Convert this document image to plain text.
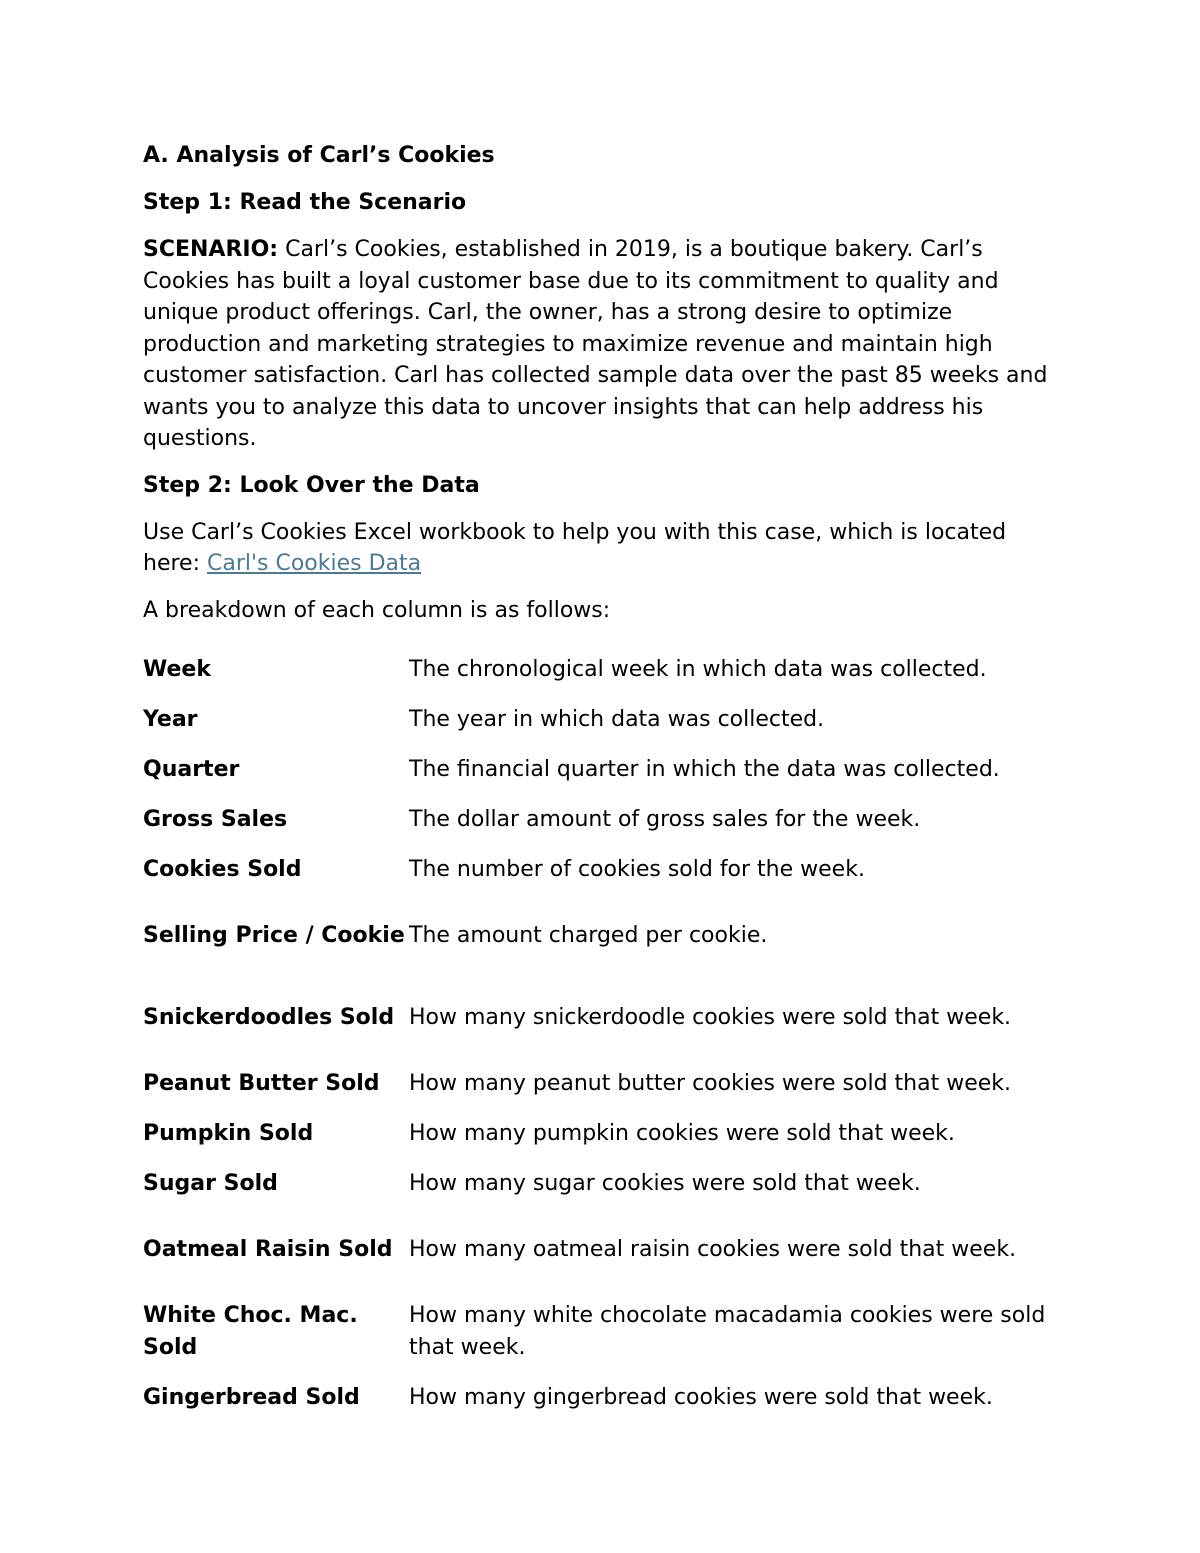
A. Analysis of Carl’s Cookies
Step 1: Read the Scenario
SCENARIO: Carl’s Cookies, established in 2019, is a boutique bakery. Carl’s Cookies has built a loyal customer base due to its commitment to quality and unique product offerings. Carl, the owner, has a strong desire to optimize production and marketing strategies to maximize revenue and maintain high customer satisfaction. Carl has collected sample data over the past 85 weeks and wants you to analyze this data to uncover insights that can help address his questions.
Step 2: Look Over the Data
Use Carl’s Cookies Excel workbook to help you with this case, which is located here: Carl's Cookies Data
A breakdown of each column is as follows:
Week	The chronological week in which data was collected.
Year	The year in which data was collected.
Quarter	The financial quarter in which the data was collected.
Gross Sales	The dollar amount of gross sales for the week.
Cookies Sold	The number of cookies sold for the week.
Selling Price / Cookie	The amount charged per cookie.
Snickerdoodles Sold	How many snickerdoodle cookies were sold that week.
Peanut Butter Sold	How many peanut butter cookies were sold that week.
Pumpkin Sold	How many pumpkin cookies were sold that week.
Sugar Sold	How many sugar cookies were sold that week.
Oatmeal Raisin Sold	How many oatmeal raisin cookies were sold that week.
White Choc. Mac. Sold	How many white chocolate macadamia cookies were sold that week.
Gingerbread Sold	How many gingerbread cookies were sold that week.
